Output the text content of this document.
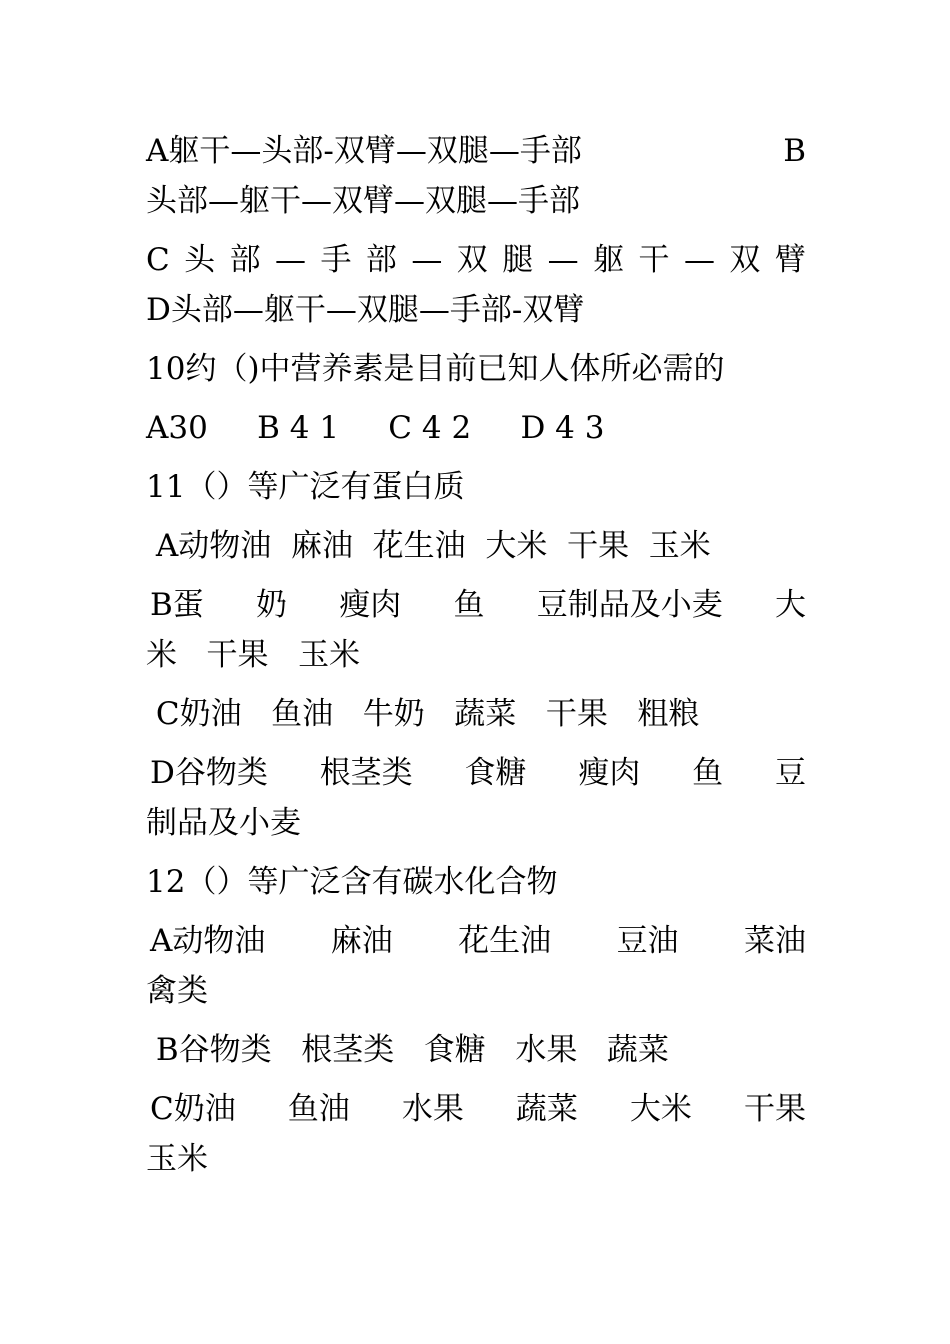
A躯干—头部-双臂—双腿—手部	B
头部—躯干—双臂—双腿—手部
C 头 部 — 手 部 — 双 腿 — 躯 干 — 双 臂
D头部—躯干—双腿—手部-双臂
10约（)中营养素是目前已知人体所必需的
A30     B 4 1     C 4 2     D 4 3
11（）等广泛有蛋白质
A动物油  麻油  花生油  大米  干果  玉米
B蛋 奶 瘦肉 鱼 豆制品及小麦 大
米   干果   玉米
C奶油   鱼油   牛奶   蔬菜   干果   粗粮
D谷物类 根茎类 食糖 瘦肉 鱼 豆
制品及小麦
12（）等广泛含有碳水化合物
A动物油 麻油 花生油 豆油 菜油
禽类
B谷物类   根茎类   食糖   水果   蔬菜
C奶油 鱼油 水果 蔬菜 大米 干果
玉米
